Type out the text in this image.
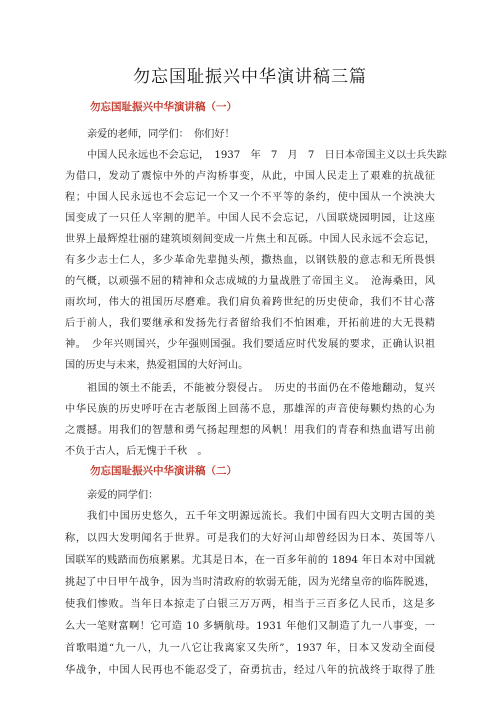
勿忘国耻振兴中华演讲稿三篇
勿忘国耻振兴中华演讲稿（一）
亲爱的老师，同学们：　你们好！
中国人民永远也不会忘记，　1937　年　7　月　7　日日本帝国主义以士兵失踪
为借口，发动了震惊中外的卢沟桥事变，从此，中国人民走上了艰难的抗战征
程；中国人民永远也不会忘记一个又一个不平等的条约，使中国从一个泱泱大
国变成了一只任人宰割的肥羊。中国人民不会忘记，八国联烧园明园，让这座
世界上最辉煌壮丽的建筑顷刻间变成一片焦土和瓦砾。中国人民永远不会忘记，
有多少志士仁人，多少革命先辈抛头颅，撒热血，以钢铁般的意志和无所畏惧
的气概，以顽强不屈的精神和众志成城的力量战胜了帝国主义。　沧海桑田，风
雨坎坷，伟大的祖国历尽磨难。我们肩负着跨世纪的历史使命，我们不甘心落
后于前人，我们要继承和发扬先行者留给我们不怕困难，开拓前进的大无畏精
神。　少年兴则国兴，少年强则国强。我们要适应时代发展的要求，正确认识祖
国的历史与未来，热爱祖国的大好河山。
祖国的领土不能丢，不能被分裂侵占。　历史的书面仍在不倦地翻动，复兴
中华民族的历史呼吁在古老版图上回荡不息，那雄浑的声音使每颗灼热的心为
之震撼。用我们的智慧和勇气扬起理想的风帆！用我们的青春和热血谱写出前
不负于古人，后无愧于千秋　。
勿忘国耻振兴中华演讲稿（二）
亲爱的同学们：
我们中国历史悠久，五千年文明源远流长。我们中国有四大文明古国的美
称，以四大发明闻名于世界。可是我们的大好河山却曾经因为日本、英国等八
国联军的贱踏而伤痕累累。尤其是日本，在一百多年前的 1894 年日本对中国就
挑起了中日甲午战争，因为当时清政府的软弱无能，因为光绪皇帝的临阵脱逃，
使我们惨败。当年日本掠走了白银三万万两，相当于三百多亿人民币，这是多
么大一笔财富啊！它可造 10 多辆航母。1931 年他们又制造了九一八事变，一
首歌唱道“九一八，九一八它让我离家又失所”，1937 年，日本又发动全面侵
华战争，中国人民再也不能忍受了，奋勇抗击，经过八年的抗战终于取得了胜
